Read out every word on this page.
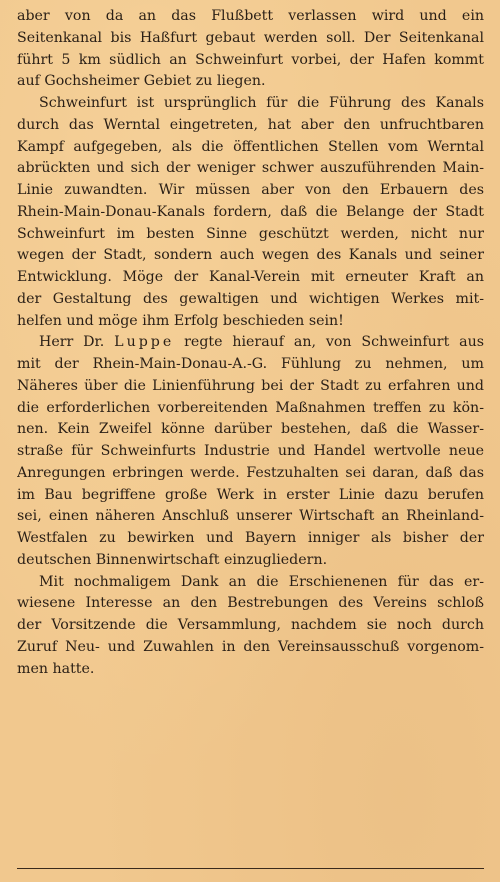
aber von da an das Flußbett verlassen wird und ein
Seitenkanal bis Haßfurt gebaut werden soll. Der Seitenkanal
führt 5 km südlich an Schweinfurt vorbei, der Hafen kommt
auf Gochsheimer Gebiet zu liegen.
Schweinfurt ist ursprünglich für die Führung des Kanals
durch das Werntal eingetreten, hat aber den unfruchtbaren
Kampf aufgegeben, als die öffentlichen Stellen vom Werntal
abrückten und sich der weniger schwer auszuführenden Main-
Linie zuwandten. Wir müssen aber von den Erbauern des
Rhein-Main-Donau-Kanals fordern, daß die Belange der Stadt
Schweinfurt im besten Sinne geschützt werden, nicht nur
wegen der Stadt, sondern auch wegen des Kanals und seiner
Entwicklung. Möge der Kanal-Verein mit erneuter Kraft an
der Gestaltung des gewaltigen und wichtigen Werkes mit-
helfen und möge ihm Erfolg beschieden sein!
Herr Dr. Luppe regte hierauf an, von Schweinfurt aus
mit der Rhein-Main-Donau-A.-G. Fühlung zu nehmen, um
Näheres über die Linienführung bei der Stadt zu erfahren und
die erforderlichen vorbereitenden Maßnahmen treffen zu kön-
nen. Kein Zweifel könne darüber bestehen, daß die Wasser-
straße für Schweinfurts Industrie und Handel wertvolle neue
Anregungen erbringen werde. Festzuhalten sei daran, daß das
im Bau begriffene große Werk in erster Linie dazu berufen
sei, einen näheren Anschluß unserer Wirtschaft an Rheinland-
Westfalen zu bewirken und Bayern inniger als bisher der
deutschen Binnenwirtschaft einzugliedern.
Mit nochmaligem Dank an die Erschienenen für das er-
wiesene Interesse an den Bestrebungen des Vereins schloß
der Vorsitzende die Versammlung, nachdem sie noch durch
Zuruf Neu- und Zuwahlen in den Vereinsausschuß vorgenom-
men hatte.
